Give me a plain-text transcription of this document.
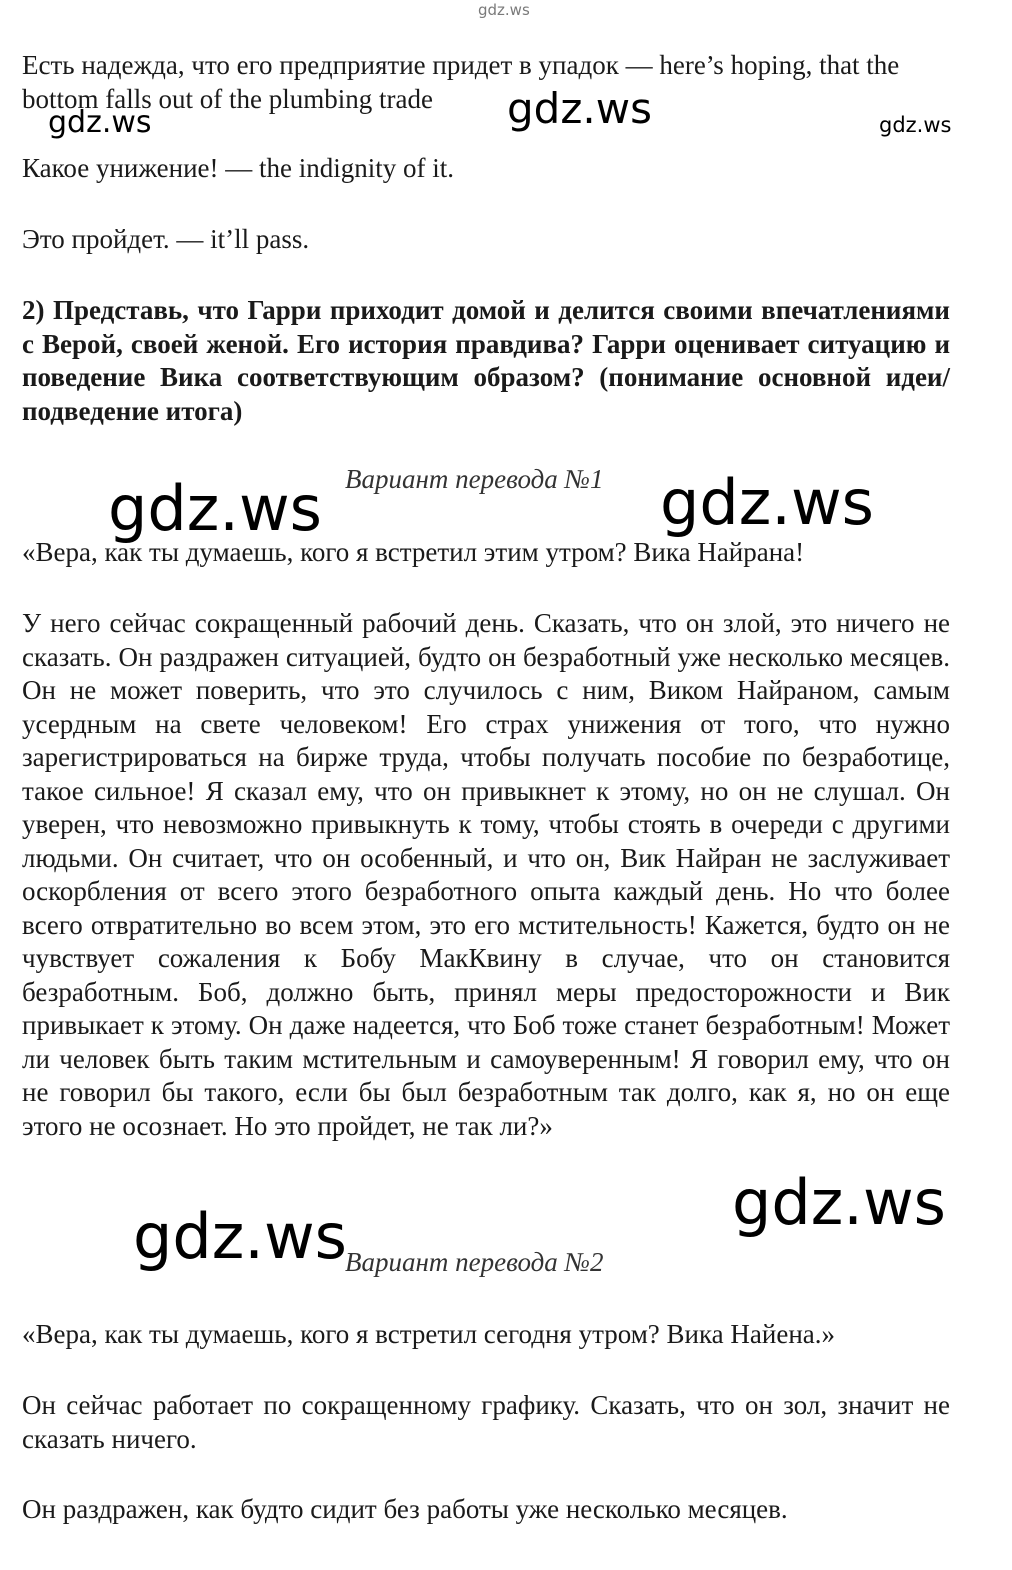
gdz.ws

Есть надежда, что его предприятие придет в упадок — here’s hoping, that the bottom falls out of the plumbing trade

gdz.ws	gdz.ws	gdz.ws

Какое унижение! — the indignity of it.

Это пройдет. — it’ll pass.

2) Представь, что Гарри приходит домой и делится своими впечатлениями с Верой, своей женой. Его история правдива? Гарри оценивает ситуацию и поведение Вика соответствующим образом? (понимание основной идеи/подведение итога)

Вариант перевода №1

gdz.ws	gdz.ws

«Вера, как ты думаешь, кого я встретил этим утром? Вика Найрана!

У него сейчас сокращенный рабочий день. Сказать, что он злой, это ничего не сказать. Он раздражен ситуацией, будто он безработный уже несколько месяцев. Он не может поверить, что это случилось с ним, Виком Найраном, самым усердным на свете человеком! Его страх унижения от того, что нужно зарегистрироваться на бирже труда, чтобы получать пособие по безработице, такое сильное! Я сказал ему, что он привыкнет к этому, но он не слушал. Он уверен, что невозможно привыкнуть к тому, чтобы стоять в очереди с другими людьми. Он считает, что он особенный, и что он, Вик Найран не заслуживает оскорбления от всего этого безработного опыта каждый день. Но что более всего отвратительно во всем этом, это его мстительность! Кажется, будто он не чувствует сожаления к Бобу МакКвину в случае, что он становится безработным. Боб, должно быть, принял меры предосторожности и Вик привыкает к этому. Он даже надеется, что Боб тоже станет безработным! Может ли человек быть таким мстительным и самоуверенным! Я говорил ему, что он не говорил бы такого, если бы был безработным так долго, как я, но он еще этого не осознает. Но это пройдет, не так ли?»

gdz.ws
gdz.ws

Вариант перевода №2

«Вера, как ты думаешь, кого я встретил сегодня утром? Вика Найена.»

Он сейчас работает по сокращенному графику. Сказать, что он зол, значит не сказать ничего.

Он раздражен, как будто сидит без работы уже несколько месяцев.
